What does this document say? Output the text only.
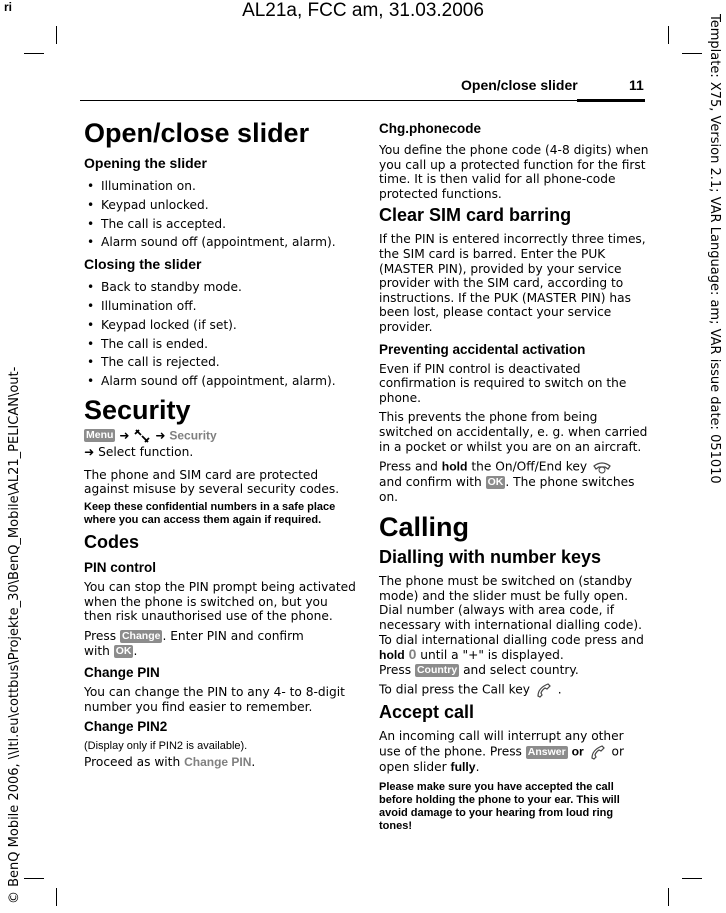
ri	AL21a, FCC am, 31.03.2006
© BenQ Mobile 2006, \\Itl.eu\cottbus\Projekte_30\BenQ_Mobile\AL21_PELICAN\out-
Template: X75, Version 2.1; VAR Language: am; VAR issue date: 051010
Open/close slider	11
Open/close slider
Opening the slider
• Illumination on.
• Keypad unlocked.
• The call is accepted.
• Alarm sound off (appointment, alarm).
Closing the slider
• Back to standby mode.
• Illumination off.
• Keypad locked (if set).
• The call is ended.
• The call is rejected.
• Alarm sound off (appointment, alarm).
Security

Menu ➜ ➜ Security

➜ Select function.

The phone and SIM card are protected against misuse by several security codes.

Keep these confidential numbers in a safe place where you can access them again if required.
Codes
PIN control

You can stop the PIN prompt being activated when the phone is switched on, but you then risk unauthorised use of the phone.

Press Change . Enter PIN and confirm
with OK .

Change PIN

You can change the PIN to any 4- to 8-digit number you find easier to remember.

Change PIN2
(Display only if PIN2 is available).

Proceed as with Change PIN.

Chg.phonecode

You define the phone code (4-8 digits) when you call up a protected function for the first time. It is then valid for all phone-code protected functions.

Clear SIM card barring

If the PIN is entered incorrectly three times, the SIM card is barred. Enter the PUK (MASTER PIN), provided by your service provider with the SIM card, according to instructions. If the PUK (MASTER PIN) has been lost, please contact your service provider.

Preventing accidental activation

Even if PIN control is deactivated confirmation is required to switch on the phone.

This prevents the phone from being switched on accidentally, e. g. when carried in a pocket or whilst you are on an aircraft.

Press and hold the On/Off/End key
and confirm with OK . The phone switches on.

Calling
Dialling with number keys

The phone must be switched on (standby mode) and the slider must be fully open. Dial number (always with area code, if necessary with international dialling code). To dial international dialling code press and hold 0 until a "+" is displayed.
Press Country and select country.

To dial press the Call key .

Accept call

An incoming call will interrupt any other use of the phone. Press Answer or or
open slider fully.

Please make sure you have accepted the call before holding the phone to your ear. This will avoid damage to your hearing from loud ring tones!
